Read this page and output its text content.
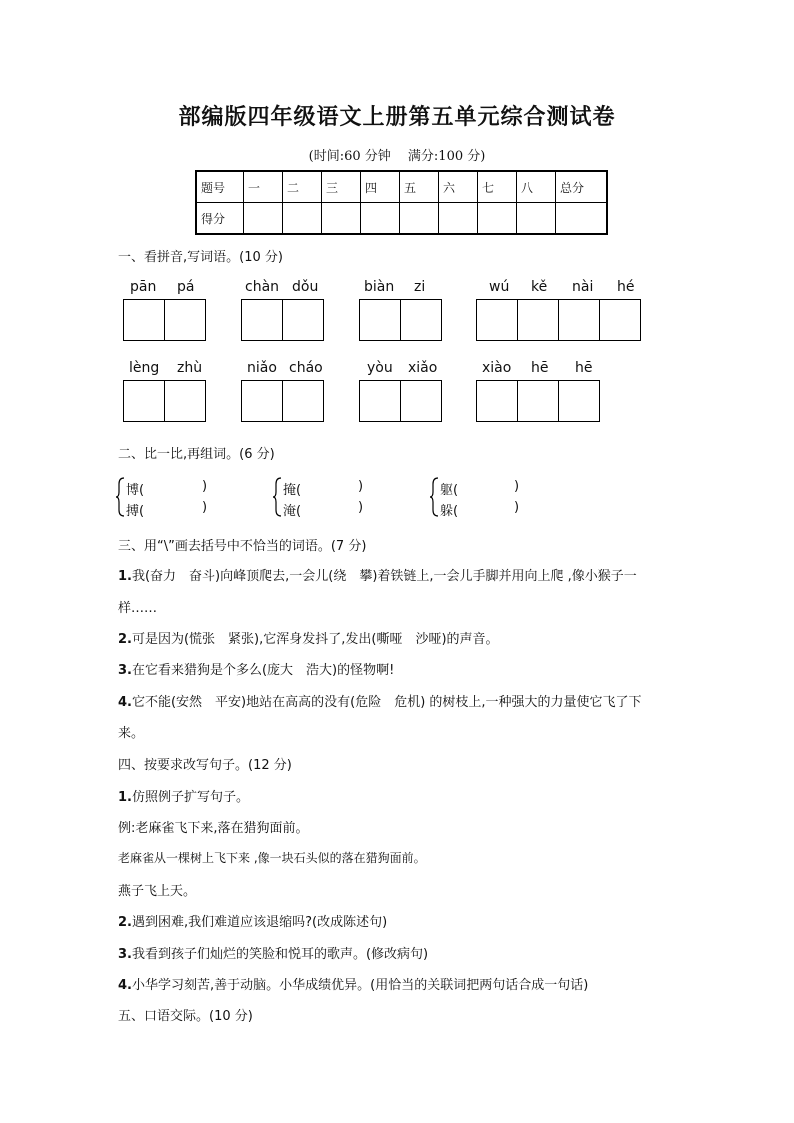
部编版四年级语文上册第五单元综合测试卷
(时间:60 分钟　 满分:100 分)
题号	一	二	三	四	五	六	七	八	总分
得分									
一、看拼音,写词语。(10 分)
pān pá	chàn dǒu	biàn zi	wú kě nài hé
lèng zhù	niǎo cháo	yòu xiǎo	xiào hē hē
二、比一比,再组词。(6 分)
博(	)
搏(	)
掩(	)
淹(	)
躯(	)
躲(	)
三、用“\”画去括号中不恰当的词语。(7 分)
1.我(奋力　奋斗)向峰顶爬去,一会儿(绕　攀)着铁链上,一会儿手脚并用向上爬 ,像小猴子一
样……
2.可是因为(慌张　紧张),它浑身发抖了,发出(嘶哑　沙哑)的声音。
3.在它看来猎狗是个多么(庞大　浩大)的怪物啊!
4.它不能(安然　平安)地站在高高的没有(危险　危机) 的树枝上,一种强大的力量使它飞了下
来。
四、按要求改写句子。(12 分)
1.仿照例子扩写句子。
例:老麻雀飞下来,落在猎狗面前。
老麻雀从一棵树上飞下来 ,像一块石头似的落在猎狗面前。
燕子飞上天。
2.遇到困难,我们难道应该退缩吗?(改成陈述句)
3.我看到孩子们灿烂的笑脸和悦耳的歌声。(修改病句)
4.小华学习刻苦,善于动脑。小华成绩优异。(用恰当的关联词把两句话合成一句话)
五、口语交际。(10 分)
